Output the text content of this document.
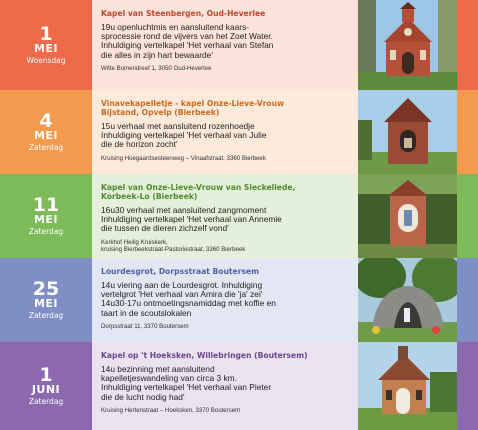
1
MEI
Woensdag
Kapel van Steenbergen, Oud-Heverlee
19u openluchtmis en aansluitend kaars-
sprocessie rond de vijvers van het Zoet Water.
Inhuldiging vertelkapel 'Het verhaal van Stefan
die alles in zijn hart bewaarde'
Witte Bomendreef 1, 3050 Oud-Heverlee
4
MEI
Zaterdag
Vinavekapelletje - kapel Onze-Lieve-Vrouw
Bijstand, Opvelp (Bierbeek)
15u verhaal met aansluitend rozenhoedje
Inhuldiging vertelkapel 'Het verhaal van Julie
die de horizon zocht'
Kruising Hoegaardsesteenweg – Vinaafstraat, 3360 Bierbeek
11
MEI
Zaterdag
Kapel van Onze-Lieve-Vrouw van Sieckeliede,
Korbeek-Lo (Bierbeek)
16u30 verhaal met aansluitend zangmoment
Inhuldiging vertelkapel 'Het verhaal van Annemie
die tussen de dieren zichzelf vond'
Kerkhof Heilig Kruiskerk,
kruising Bierbeekstraat-Pastoriestraat, 3360 Bierbeek
25
MEI
Zaterdag
Lourdesgrot, Dorpsstraat Boutersem
14u viering aan de Lourdesgrot. Inhuldiging
vertelgrot 'Het verhaal van Amira die 'ja' zei'
14u30-17u ontmoetingsnamiddag met koffie en
taart in de scoutslokalen
Dorpsstraat 11, 3370 Boutersem
1
JUNI
Zaterdag
Kapel op 't Hoeksken, Willebringen (Boutersem)
14u bezinning met aansluitend
kapelletjeswandeling van circa 3 km.
Inhuldiging vertelkapel 'Het verhaal van Pieter
die de lucht nodig had'
Kruising Hertenstraat – Hoeksken, 3370 Boutersem
